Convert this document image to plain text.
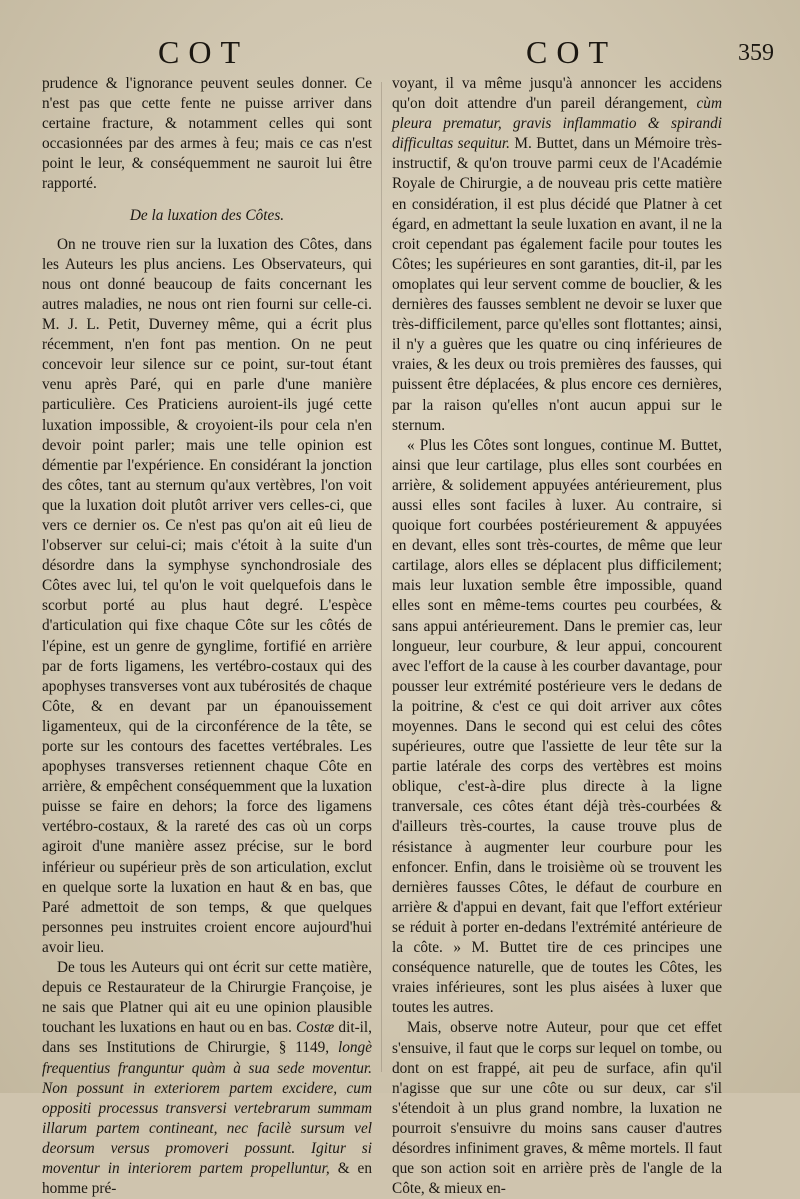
COT	COT	359

prudence & l'ignorance peuvent seules donner. Ce n'est pas que cette fente ne puisse arriver dans certaine fracture, & notamment celles qui sont occasionnées par des armes à feu; mais ce cas n'est point le leur, & conséquemment ne sauroit lui être rapporté.

De la luxation des Côtes.

On ne trouve rien sur la luxation des Côtes, dans les Auteurs les plus anciens. Les Observateurs, qui nous ont donné beaucoup de faits concernant les autres maladies, ne nous ont rien fourni sur celle-ci. M. J. L. Petit, Duverney même, qui a écrit plus récemment, n'en font pas mention. On ne peut concevoir leur silence sur ce point, sur-tout étant venu après Paré, qui en parle d'une manière particulière. Ces Praticiens auroient-ils jugé cette luxation impossible, & croyoient-ils pour cela n'en devoir point parler; mais une telle opinion est démentie par l'expérience. En considérant la jonction des côtes, tant au sternum qu'aux vertèbres, l'on voit que la luxation doit plutôt arriver vers celles-ci, que vers ce dernier os. Ce n'est pas qu'on ait eû lieu de l'observer sur celui-ci; mais c'étoit à la suite d'un désordre dans la symphyse synchondrosiale des Côtes avec lui, tel qu'on le voit quelquefois dans le scorbut porté au plus haut degré. L'espèce d'articulation qui fixe chaque Côte sur les côtés de l'épine, est un genre de gynglime, fortifié en arrière par de forts ligamens, les vertébro-costaux qui des apophyses transverses vont aux tubérosités de chaque Côte, & en devant par un épanouissement ligamenteux, qui de la circonférence de la tête, se porte sur les contours des facettes vertébrales. Les apophyses transverses retiennent chaque Côte en arrière, & empêchent conséquemment que la luxation puisse se faire en dehors; la force des ligamens vertébro-costaux, & la rareté des cas où un corps agiroit d'une manière assez précise, sur le bord inférieur ou supérieur près de son articulation, exclut en quelque sorte la luxation en haut & en bas, que Paré admettoit de son temps, & que quelques personnes peu instruites croient encore aujourd'hui avoir lieu.

De tous les Auteurs qui ont écrit sur cette matière, depuis ce Restaurateur de la Chirurgie Françoise, je ne sais que Platner qui ait eu une opinion plausible touchant les luxations en haut ou en bas. Costæ dit-il, dans ses Institutions de Chirurgie, § 1149, longè frequentius franguntur quàm à sua sede moventur. Non possunt in exteriorem partem excidere, cum oppositi processus transversi vertebrarum summam illarum partem contineant, nec facilè sursum vel deorsum versus promoveri possunt. Igitur si moventur in interiorem partem propelluntur, & en homme pré-

voyant, il va même jusqu'à annoncer les accidens qu'on doit attendre d'un pareil dérangement, cùm pleura prematur, gravis inflammatio & spirandi difficultas sequitur. M. Buttet, dans un Mémoire très-instructif, & qu'on trouve parmi ceux de l'Académie Royale de Chirurgie, a de nouveau pris cette matière en considération, il est plus décidé que Platner à cet égard, en admettant la seule luxation en avant, il ne la croit cependant pas également facile pour toutes les Côtes; les supérieures en sont garanties, dit-il, par les omoplates qui leur servent comme de bouclier, & les dernières des fausses semblent ne devoir se luxer que très-difficilement, parce qu'elles sont flottantes; ainsi, il n'y a guères que les quatre ou cinq inférieures de vraies, & les deux ou trois premières des fausses, qui puissent être déplacées, & plus encore ces dernières, par la raison qu'elles n'ont aucun appui sur le sternum.

« Plus les Côtes sont longues, continue M. Buttet, ainsi que leur cartilage, plus elles sont courbées en arrière, & solidement appuyées antérieurement, plus aussi elles sont faciles à luxer. Au contraire, si quoique fort courbées postérieurement & appuyées en devant, elles sont très-courtes, de même que leur cartilage, alors elles se déplacent plus difficilement; mais leur luxation semble être impossible, quand elles sont en même-tems courtes peu courbées, & sans appui antérieurement. Dans le premier cas, leur longueur, leur courbure, & leur appui, concourent avec l'effort de la cause à les courber davantage, pour pousser leur extrémité postérieure vers le dedans de la poitrine, & c'est ce qui doit arriver aux côtes moyennes. Dans le second qui est celui des côtes supérieures, outre que l'assiette de leur tête sur la partie latérale des corps des vertèbres est moins oblique, c'est-à-dire plus directe à la ligne tranversale, ces côtes étant déjà très-courbées & d'ailleurs très-courtes, la cause trouve plus de résistance à augmenter leur courbure pour les enfoncer. Enfin, dans le troisième où se trouvent les dernières fausses Côtes, le défaut de courbure en arrière & d'appui en devant, fait que l'effort extérieur se réduit à porter en-dedans l'extrémité antérieure de la côte. » M. Buttet tire de ces principes une conséquence naturelle, que de toutes les Côtes, les vraies inférieures, sont les plus aisées à luxer que toutes les autres.

Mais, observe notre Auteur, pour que cet effet s'ensuive, il faut que le corps sur lequel on tombe, ou dont on est frappé, ait peu de surface, afin qu'il n'agisse que sur une côte ou sur deux, car s'il s'étendoit à un plus grand nombre, la luxation ne pourroit s'ensuivre du moins sans causer d'autres désordres infiniment graves, & même mortels. Il faut que son action soit en arrière près de l'angle de la Côte, & mieux en-
